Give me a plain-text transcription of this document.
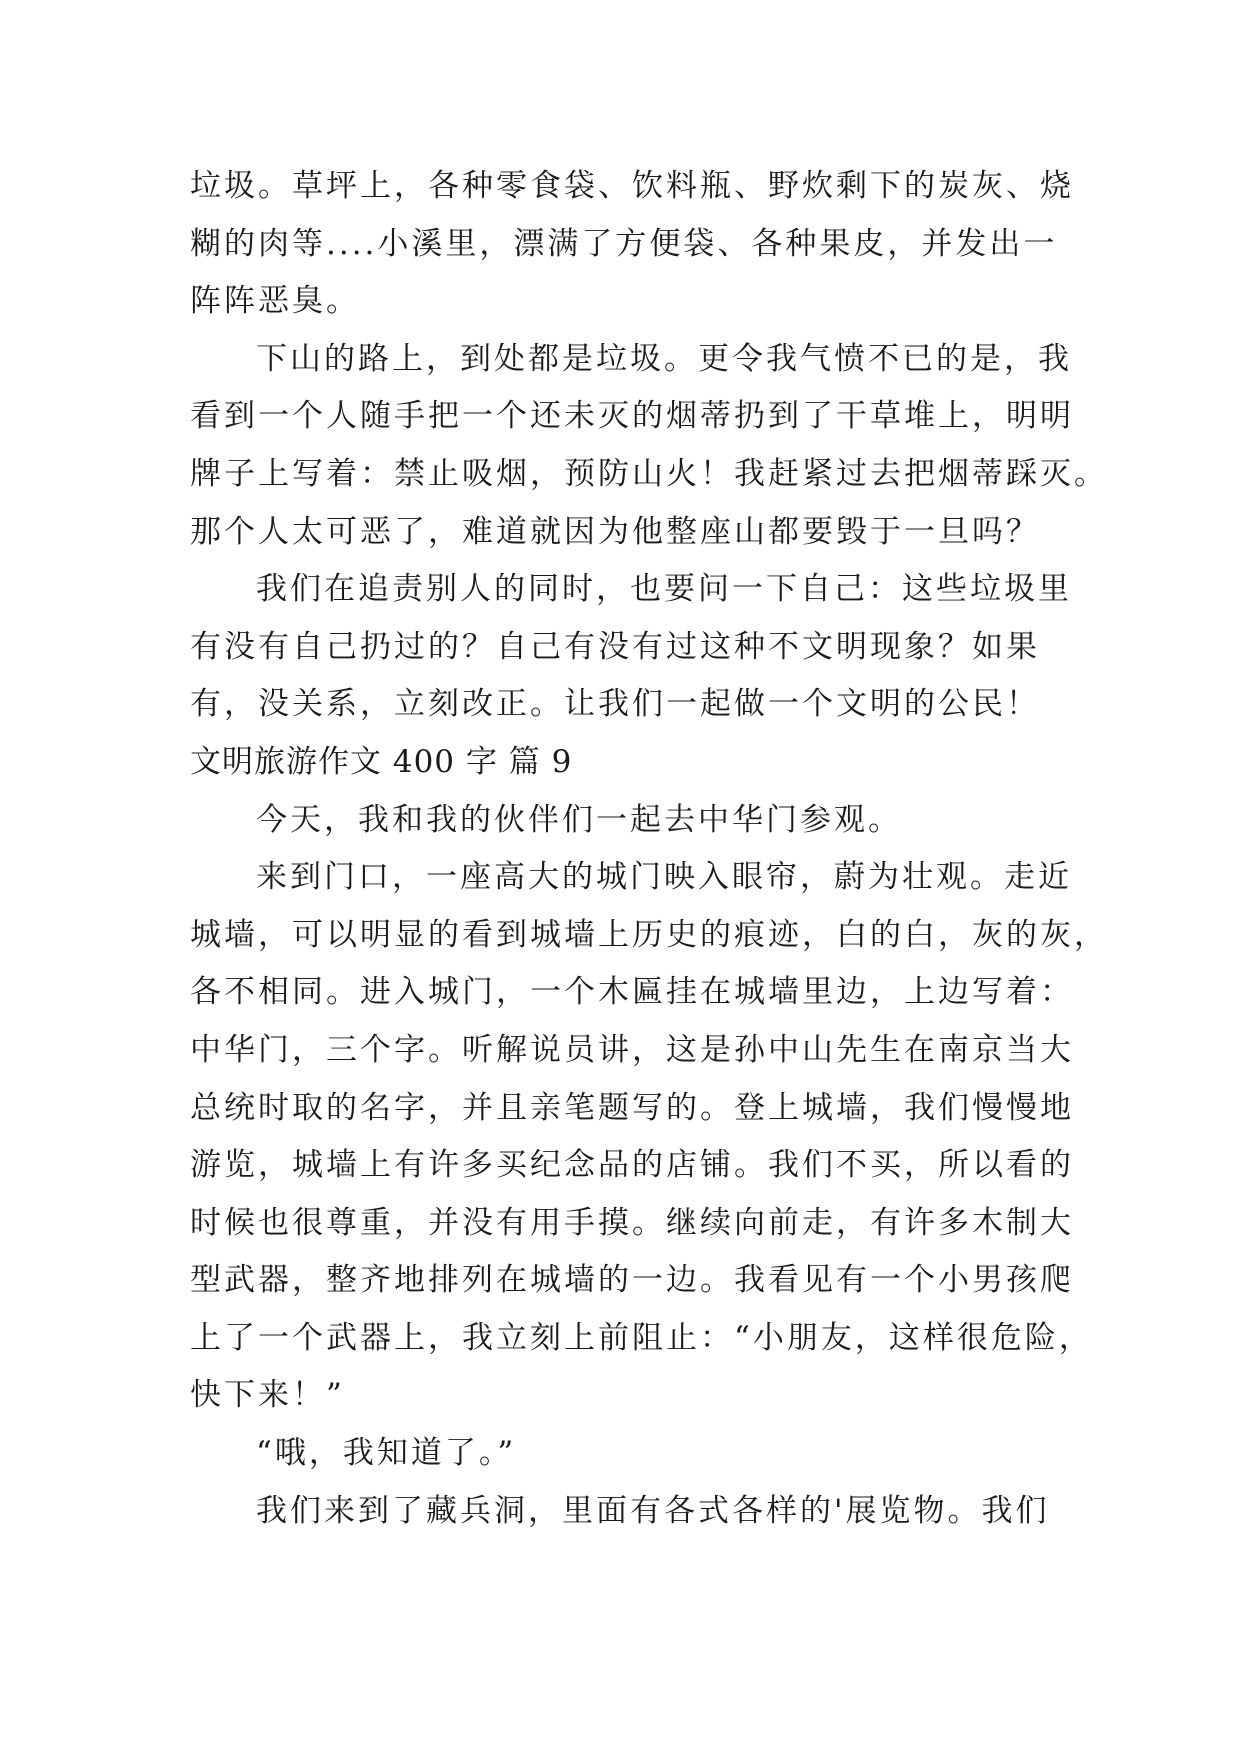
垃圾。草坪上，各种零食袋、饮料瓶、野炊剩下的炭灰、烧
糊的肉等....小溪里，漂满了方便袋、各种果皮，并发出一
阵阵恶臭。
下山的路上，到处都是垃圾。更令我气愤不已的是，我
看到一个人随手把一个还未灭的烟蒂扔到了干草堆上，明明
牌子上写着：禁止吸烟，预防山火！我赶紧过去把烟蒂踩灭。
那个人太可恶了，难道就因为他整座山都要毁于一旦吗？
我们在追责别人的同时，也要问一下自己：这些垃圾里
有没有自己扔过的？自己有没有过这种不文明现象？如果
有，没关系，立刻改正。让我们一起做一个文明的公民！
文明旅游作文 400 字 篇 9
今天，我和我的伙伴们一起去中华门参观。
来到门口，一座高大的城门映入眼帘，蔚为壮观。走近
城墙，可以明显的看到城墙上历史的痕迹，白的白，灰的灰，
各不相同。进入城门，一个木匾挂在城墙里边，上边写着：
中华门，三个字。听解说员讲，这是孙中山先生在南京当大
总统时取的名字，并且亲笔题写的。登上城墙，我们慢慢地
游览，城墙上有许多买纪念品的店铺。我们不买，所以看的
时候也很尊重，并没有用手摸。继续向前走，有许多木制大
型武器，整齐地排列在城墙的一边。我看见有一个小男孩爬
上了一个武器上，我立刻上前阻止：“小朋友，这样很危险，
快下来！”
“哦，我知道了。”
我们来到了藏兵洞，里面有各式各样的'展览物。我们
